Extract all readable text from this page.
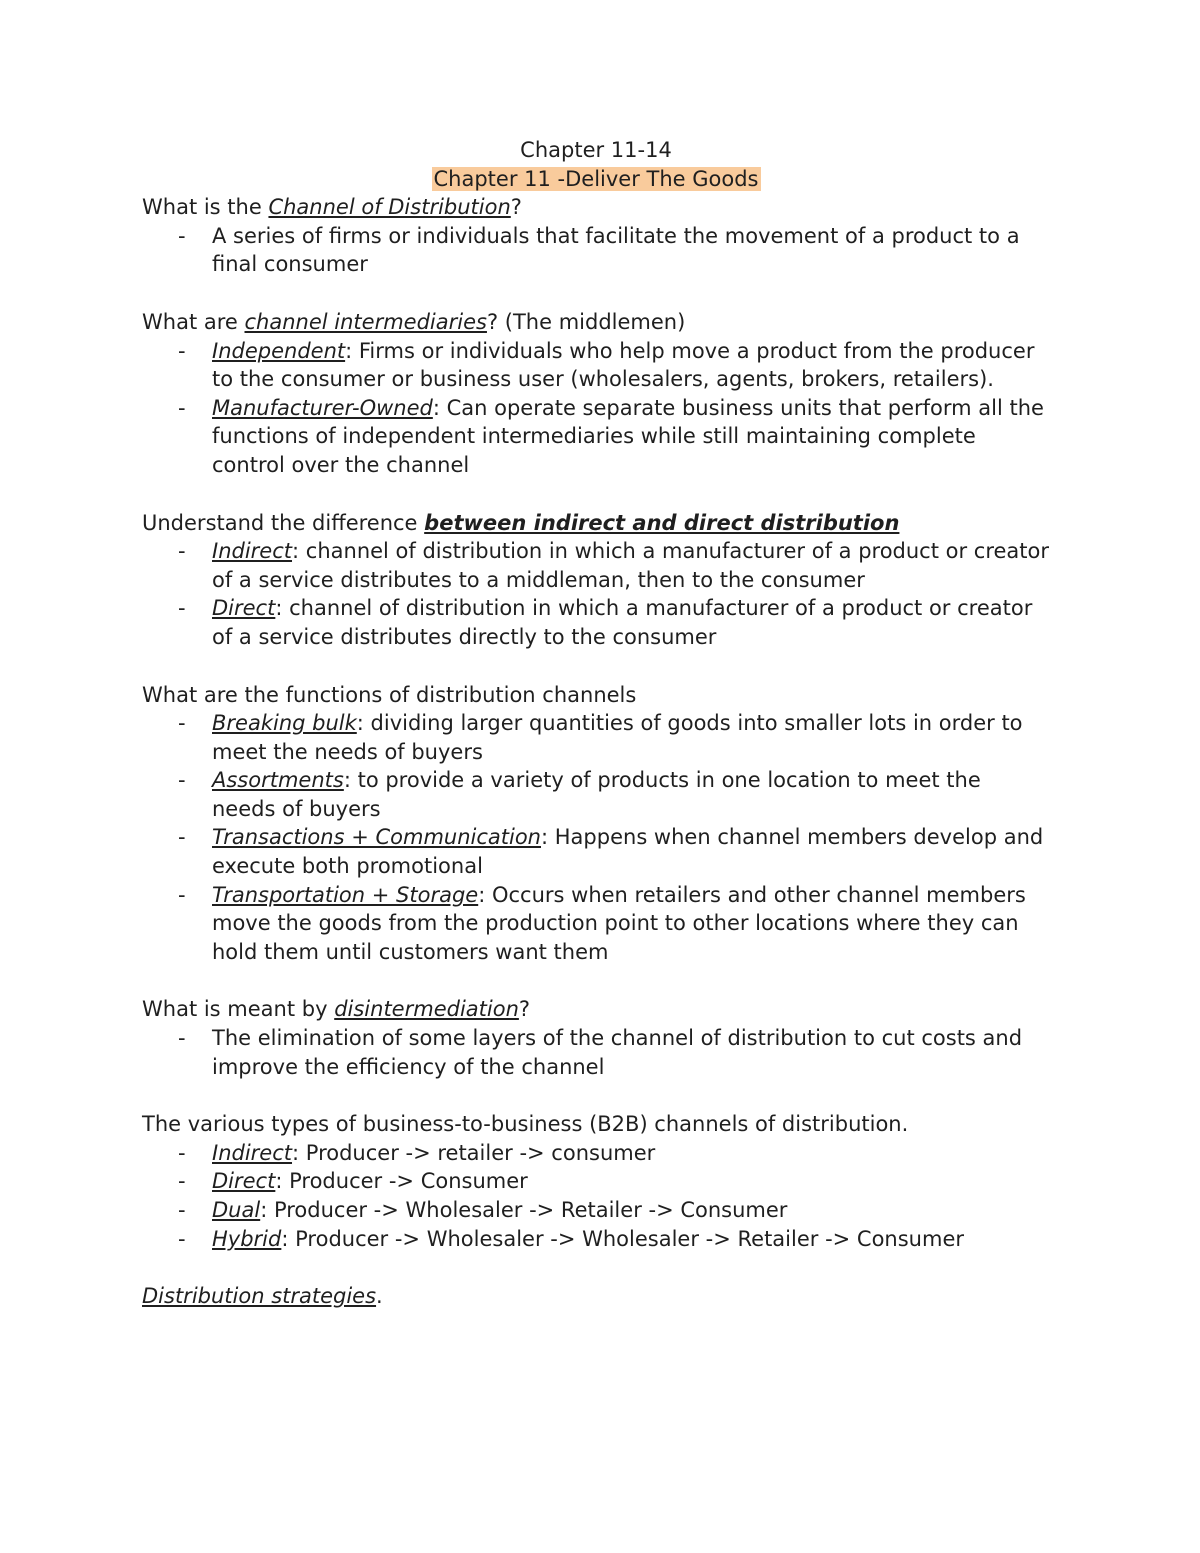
Chapter 11-14

Chapter 11 -Deliver The Goods

What is the Channel of Distribution?

- A series of firms or individuals that facilitate the movement of a product to a final consumer

What are channel intermediaries? (The middlemen)

- Independent: Firms or individuals who help move a product from the producer to the consumer or business user (wholesalers, agents, brokers, retailers).
- Manufacturer-Owned: Can operate separate business units that perform all the functions of independent intermediaries while still maintaining complete control over the channel

Understand the difference between indirect and direct distribution

- Indirect: channel of distribution in which a manufacturer of a product or creator of a service distributes to a middleman, then to the consumer
- Direct: channel of distribution in which a manufacturer of a product or creator of a service distributes directly to the consumer

What are the functions of distribution channels

- Breaking bulk: dividing larger quantities of goods into smaller lots in order to meet the needs of buyers
- Assortments: to provide a variety of products in one location to meet the needs of buyers
- Transactions + Communication: Happens when channel members develop and execute both promotional
- Transportation + Storage: Occurs when retailers and other channel members move the goods from the production point to other locations where they can hold them until customers want them

What is meant by disintermediation?

- The elimination of some layers of the channel of distribution to cut costs and improve the efficiency of the channel

The various types of business-to-business (B2B) channels of distribution.

- Indirect: Producer -> retailer -> consumer
- Direct: Producer -> Consumer
- Dual: Producer -> Wholesaler -> Retailer -> Consumer
- Hybrid: Producer -> Wholesaler -> Wholesaler -> Retailer -> Consumer

Distribution strategies.
